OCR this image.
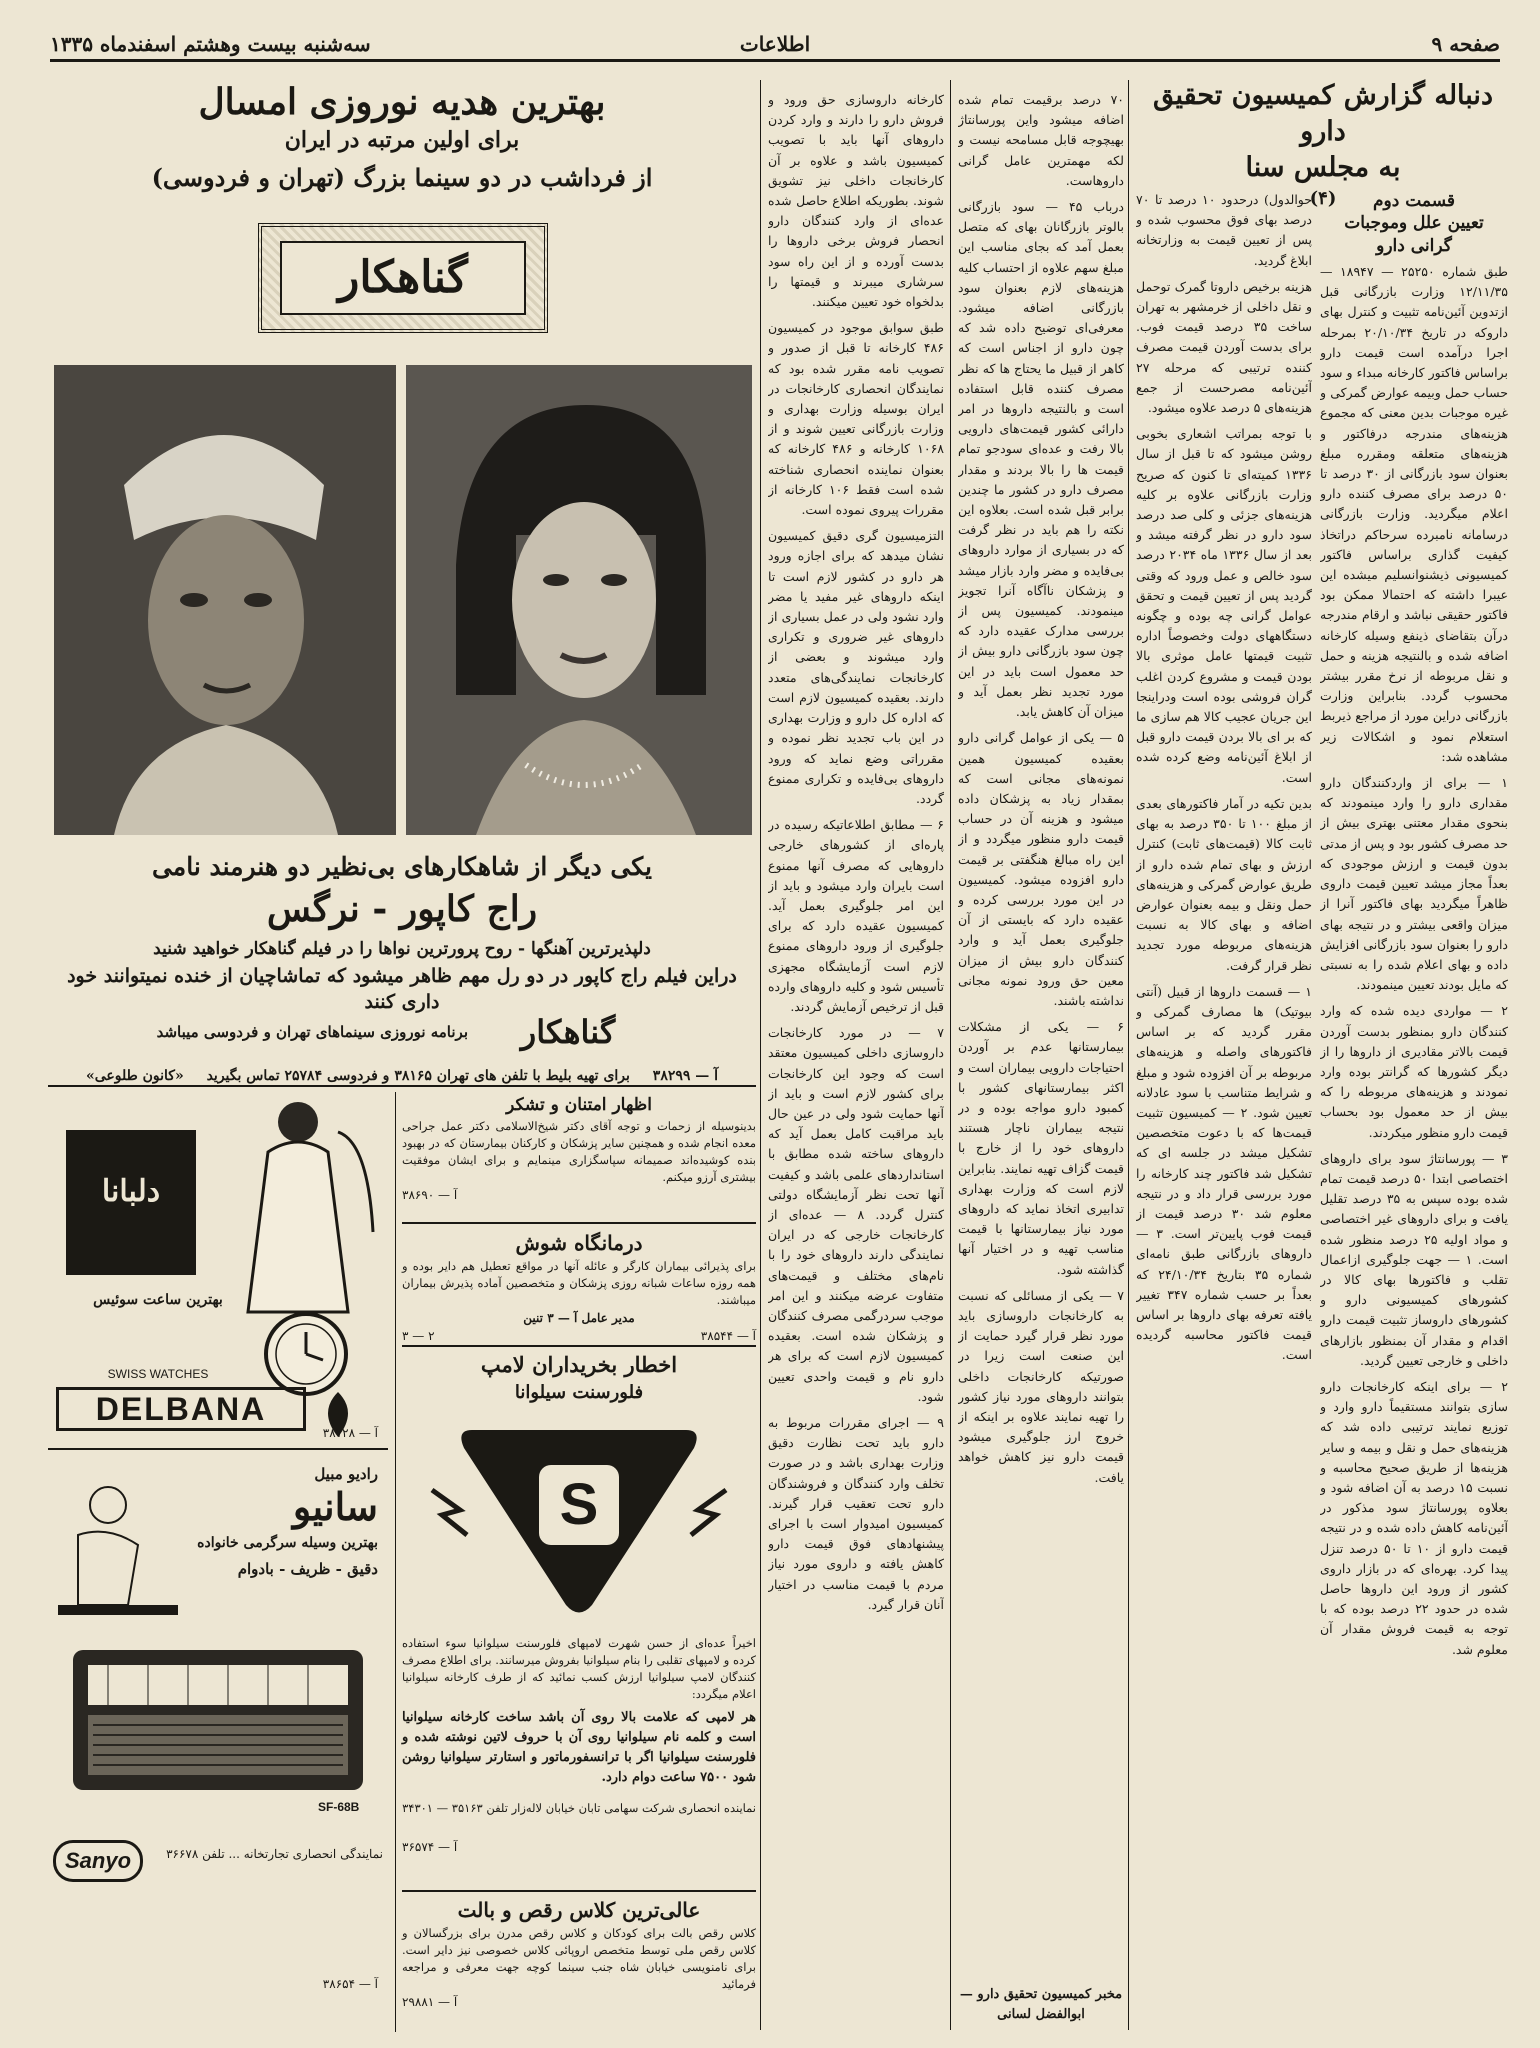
سه‌شنبه بیست وهشتم اسفندماه ۱۳۳۵	اطلاعات	صفحه ۹
دنباله گزارش کمیسیون تحقیق دارو
به مجلس سنا
(۴)	قسمت دوم
تعیین علل وموجبات
گرانی دارو

طبق شماره ۲۵۲۵۰ — ۱۸۹۴۷ — ۱۲/۱۱/۳۵ وزارت بازرگانی قبل ازتدوین آئین‌نامه تثبیت و کنترل بهای داروکه در تاریخ ۲۰/۱۰/۳۴ بمرحله اجرا درآمده است قیمت دارو براساس فاکتور کارخانه مبداء و سود حساب حمل وبیمه عوارض گمرکی و غیره موجبات بدین معنی که مجموع هزینه‌های مندرجه درفاکتور و هزینه‌های متعلقه ومقرره مبلغ بعنوان سود بازرگانی از ۳۰ درصد تا ۵۰ درصد برای مصرف کننده دارو اعلام میگردید. وزارت بازرگانی درسامانه نامبرده سرحاکم دراتخاذ کیفیت گذاری براساس فاکتور کمیسیونی ذیشنوانسلیم میشده این عیبرا داشته که احتمالا ممکن بود فاکتور حقیقی نباشد و ارقام مندرجه درآن بتقاضای ذینفع وسیله کارخانه اضافه شده و بالنتیجه هزینه و حمل و نقل مربوطه از نرخ مقرر بیشتر محسوب گردد. بنابراین وزارت بازرگانی دراین مورد از مراجع ذیربط استعلام نمود و اشکالات زیر مشاهده شد:

۱ — برای از واردکنندگان دارو مقداری دارو را وارد مینمودند که بنحوی مقدار معتنی بهتری بیش از حد مصرف کشور بود و پس از مدتی بدون قیمت و ارزش موجودی که بعداً مجاز میشد تعیین قیمت داروی ظاهراً میگردید بهای فاکتور آنرا از میزان واقعی بیشتر و در نتیجه بهای دارو را بعنوان سود بازرگانی افزایش داده و بهای اعلام شده را به نسبتی که مایل بودند تعیین مینمودند.

۲ — مواردی دیده شده که وارد کنندگان دارو بمنظور بدست آوردن قیمت بالاتر مقادیری از داروها را از دیگر کشورها که گرانتر بوده وارد نمودند و هزینه‌های مربوطه را که بیش از حد معمول بود بحساب قیمت دارو منظور میکردند.

۳ — پورسانتاژ سود برای داروهای اختصاصی ابتدا ۵۰ درصد قیمت تمام شده بوده سپس به ۳۵ درصد تقلیل یافت و برای داروهای غیر اختصاصی و مواد اولیه ۲۵ درصد منظور شده است. ۱ — جهت جلوگیری ازاعمال تقلب و فاکتورها بهای کالا در کشورهای کمیسیونی دارو و کشورهای داروساز تثبیت قیمت دارو اقدام و مقدار آن بمنظور بازارهای داخلی و خارجی تعیین گردید.

۲ — برای اینکه کارخانجات دارو سازی بتوانند مستقیماً دارو وارد و توزیع نمایند ترتیبی داده شد که هزینه‌های حمل و نقل و بیمه و سایر هزینه‌ها از طریق صحیح محاسبه و نسبت ۱۵ درصد به آن اضافه شود و بعلاوه پورسانتاژ سود مذکور در آئین‌نامه کاهش داده شده و در نتیجه قیمت دارو از ۱۰ تا ۵۰ درصد تنزل پیدا کرد. بهره‌ای که در بازار داروی کشور از ورود این داروها حاصل شده در حدود ۲۲ درصد بوده که با توجه به قیمت فروش مقدار آن معلوم شد.

حوالدول) درحدود ۱۰ درصد تا ۷۰ درصد بهای فوق محسوب شده و پس از تعیین قیمت به وزارتخانه ابلاغ گردید.

هزینه برخیص داروتا گمرک توحمل و نقل داخلی از خرمشهر به تهران ساخت ۳۵ درصد قیمت فوب. برای بدست آوردن قیمت مصرف کننده ترتیبی که مرحله ۲۷ آئین‌نامه مصرحست از جمع هزینه‌های ۵ درصد علاوه میشود.

با توجه بمراتب اشعاری بخوبی روشن میشود که تا قبل از سال ۱۳۳۶ کمیته‌ای تا کنون که صریح وزارت بازرگانی علاوه بر کلیه هزینه‌های جزئی و کلی صد درصد سود دارو در نظر گرفته میشد و بعد از سال ۱۳۳۶ ماه ۲۰۳۴ درصد سود خالص و عمل ورود که وقتی گردید پس از تعیین قیمت و تحقق عوامل گرانی چه بوده و چگونه دستگاههای دولت وخصوصاً اداره تثبیت قیمتها عامل موثری بالا بودن قیمت و مشروع کردن اغلب گران فروشی بوده است ودراینجا این جریان عجیب کالا هم سازی ما که بر ای بالا بردن قیمت دارو قبل از ابلاغ آئین‌نامه وضع کرده شده است.

بدین تکیه در آمار فاکتورهای بعدی از مبلغ ۱۰۰ تا ۳۵۰ درصد به بهای ثابت کالا (قیمت‌های ثابت) کنترل ارزش و بهای تمام شده دارو از طریق عوارض گمرکی و هزینه‌های حمل ونقل و بیمه بعنوان عوارض اضافه و بهای کالا به نسبت هزینه‌های مربوطه مورد تجدید نظر قرار گرفت.

۱ — قسمت داروها از قبیل (آنتی بیوتیک) ها مصارف گمرکی و مقرر گردید که بر اساس فاکتورهای واصله و هزینه‌های مربوطه بر آن افزوده شود و مبلغ و شرایط متناسب با سود عادلانه تعیین شود. ۲ — کمیسیون تثبیت قیمت‌ها که با دعوت متخصصین تشکیل میشد در جلسه ای که تشکیل شد فاکتور چند کارخانه را مورد بررسی قرار داد و در نتیجه معلوم شد ۳۰ درصد قیمت از قیمت فوب پایین‌تر است. ۳ — داروهای بازرگانی طبق نامه‌ای شماره ۳۵ بتاریخ ۲۴/۱۰/۳۴ که بعداً بر حسب شماره ۳۴۷ تغییر یافته تعرفه بهای داروها بر اساس قیمت فاکتور محاسبه گردیده است.

۷۰ درصد برقیمت تمام شده اضافه میشود واین پورسانتاژ بهیچوجه قابل مسامحه نیست و لکه مهمترین عامل گرانی داروهاست.

درباب ۴۵ — سود بازرگانی بالوتر بازرگانان بهای که متصل بعمل آمد که بجای مناسب این مبلغ سهم علاوه از احتساب کلیه هزینه‌های لازم بعنوان سود بازرگانی اضافه میشود. معرفی‌ای توضیح داده شد که چون دارو از اجناس است که کاهر از قبیل ما یحتاج ها که نظر مصرف کننده قابل استفاده است و بالنتیجه داروها در امر دارائی کشور قیمت‌های دارویی بالا رفت و عده‌ای سودجو تمام قیمت ها را بالا بردند و مقدار مصرف دارو در کشور ما چندین برابر قبل شده است. بعلاوه این نکته را هم باید در نظر گرفت که در بسیاری از موارد داروهای بی‌فایده و مضر وارد بازار میشد و پزشکان ناآگاه آنرا تجویز مینمودند. کمیسیون پس از بررسی مدارک عقیده دارد که چون سود بازرگانی دارو بیش از حد معمول است باید در این مورد تجدید نظر بعمل آید و میزان آن کاهش یابد.

۵ — یکی از عوامل گرانی دارو بعقیده کمیسیون همین نمونه‌های مجانی است که بمقدار زیاد به پزشکان داده میشود و هزینه آن در حساب قیمت دارو منظور میگردد و از این راه مبالغ هنگفتی بر قیمت دارو افزوده میشود. کمیسیون در این مورد بررسی کرده و عقیده دارد که بایستی از آن جلوگیری بعمل آید و وارد کنندگان دارو بیش از میزان معین حق ورود نمونه مجانی نداشته باشند.

۶ — یکی از مشکلات بیمارستانها عدم بر آوردن احتیاجات دارویی بیماران است و اکثر بیمارستانهای کشور با کمبود دارو مواجه بوده و در نتیجه بیماران ناچار هستند داروهای خود را از خارج با قیمت گزاف تهیه نمایند. بنابراین لازم است که وزارت بهداری تدابیری اتخاذ نماید که داروهای مورد نیاز بیمارستانها با قیمت مناسب تهیه و در اختیار آنها گذاشته شود.

۷ — یکی از مسائلی که نسبت به کارخانجات داروسازی باید مورد نظر قرار گیرد حمایت از این صنعت است زیرا در صورتیکه کارخانجات داخلی بتوانند داروهای مورد نیاز کشور را تهیه نمایند علاوه بر اینکه از خروج ارز جلوگیری میشود قیمت دارو نیز کاهش خواهد یافت.

مخبر کمیسیون تحقیق دارو — ابوالفضل لسانی

کارخانه داروسازی حق ورود و فروش دارو را دارند و وارد کردن داروهای آنها باید با تصویب کمیسیون باشد و علاوه بر آن کارخانجات داخلی نیز تشویق شوند. بطوریکه اطلاع حاصل شده عده‌ای از وارد کنندگان دارو انحصار فروش برخی داروها را بدست آورده و از این راه سود سرشاری میبرند و قیمتها را بدلخواه خود تعیین میکنند.

طبق سوابق موجود در کمیسیون ۴۸۶ کارخانه تا قبل از صدور و تصویب نامه مقرر شده بود که نمایندگان انحصاری کارخانجات در ایران بوسیله وزارت بهداری و وزارت بازرگانی تعیین شوند و از ۱۰۶۸ کارخانه و ۴۸۶ کارخانه که بعنوان نماینده انحصاری شناخته شده است فقط ۱۰۶ کارخانه از مقررات پیروی نموده است.

التزمیسیون گری دقیق کمیسیون نشان میدهد که برای اجازه ورود هر دارو در کشور لازم است تا اینکه داروهای غیر مفید یا مضر وارد نشود ولی در عمل بسیاری از داروهای غیر ضروری و تکراری وارد میشوند و بعضی از کارخانجات نمایندگی‌های متعدد دارند. بعقیده کمیسیون لازم است که اداره کل دارو و وزارت بهداری در این باب تجدید نظر نموده و مقرراتی وضع نماید که ورود داروهای بی‌فایده و تکراری ممنوع گردد.

۶ — مطابق اطلاعاتیکه رسیده در پاره‌ای از کشورهای خارجی داروهایی که مصرف آنها ممنوع است بایران وارد میشود و باید از این امر جلوگیری بعمل آید. کمیسیون عقیده دارد که برای جلوگیری از ورود داروهای ممنوع لازم است آزمایشگاه مجهزی تأسیس شود و کلیه داروهای وارده قبل از ترخیص آزمایش گردند.

۷ — در مورد کارخانجات داروسازی داخلی کمیسیون معتقد است که وجود این کارخانجات برای کشور لازم است و باید از آنها حمایت شود ولی در عین حال باید مراقبت کامل بعمل آید که داروهای ساخته شده مطابق با استانداردهای علمی باشد و کیفیت آنها تحت نظر آزمایشگاه دولتی کنترل گردد. ۸ — عده‌ای از کارخانجات خارجی که در ایران نمایندگی دارند داروهای خود را با نام‌های مختلف و قیمت‌های متفاوت عرضه میکنند و این امر موجب سردرگمی مصرف کنندگان و پزشکان شده است. بعقیده کمیسیون لازم است که برای هر دارو نام و قیمت واحدی تعیین شود.

۹ — اجرای مقررات مربوط به دارو باید تحت نظارت دقیق وزارت بهداری باشد و در صورت تخلف وارد کنندگان و فروشندگان دارو تحت تعقیب قرار گیرند. کمیسیون امیدوار است با اجرای پیشنهادهای فوق قیمت دارو کاهش یافته و داروی مورد نیاز مردم با قیمت مناسب در اختیار آنان قرار گیرد.

بهترین هدیه نوروزی امسال
برای اولین مرتبه در ایران
از فرداشب در دو سینما بزرگ (تهران و فردوسی)
گناهکار
یکی دیگر از شاهکارهای بی‌نظیر دو هنرمند نامی
راج کاپور - نرگس
دلپذیرترین آهنگها - روح پرورترین نواها را در فیلم گناهکار خواهید شنید
دراین فیلم راج کاپور در دو رل مهم ظاهر میشود که تماشاچیان از خنده نمیتوانند خود داری کنند
گناهکار
برنامه نوروزی سینماهای تهران و فردوسی میباشد
آ — ۳۸۲۹۹ برای تهیه بلیط با تلفن های تهران ۳۸۱۶۵ و فردوسی ۲۵۷۸۴ تماس بگیرید «کانون طلوعی»
دلبانا
بهترین ساعت سوئیس
SWISS WATCHES
DELBANA
آ — ۳۸۷۲۸
رادیو مبیل
سانیو
بهترین وسیله سرگرمی خانواده
دقیق - ظریف - بادوام
SF-68B
Sanyo	نمایندگی انحصاری تجارتخانه ... تلفن ۳۶۶۷۸
آ — ۳۸۶۵۴
اظهار امتنان و تشکر
بدینوسیله از زحمات و توجه آقای دکتر شیخ‌الاسلامی دکتر عمل جراحی معده انجام شده و همچنین سایر پزشکان و کارکنان بیمارستان که در بهبود بنده کوشیده‌اند صمیمانه سپاسگزاری مینمایم و برای ایشان موفقیت بیشتری آرزو میکنم.
آ — ۳۸۶۹۰
درمانگاه شوش
برای پذیرائی بیماران کارگر و عائله آنها در مواقع تعطیل هم دایر بوده و همه روزه ساعات شبانه روزی پزشکان و متخصصین آماده پذیرش بیماران میباشند.
مدیر عامل آ — ۳ تنین
آ — ۳۸۵۴۴
۲ — ۳
اخطار بخریداران لامپ
فلورسنت سیلوانا
S
اخیراً عده‌ای از حسن شهرت لامپهای فلورسنت سیلوانیا سوء استفاده کرده و لامپهای تقلبی را بنام سیلوانیا بفروش میرسانند. برای اطلاع مصرف کنندگان لامپ سیلوانیا ارزش کسب نمائید که از طرف کارخانه سیلوانیا اعلام میگردد:
هر لامپی که علامت بالا روی آن باشد ساخت کارخانه سیلوانیا است و کلمه نام سیلوانیا روی آن با حروف لاتین نوشته شده و فلورسنت سیلوانیا اگر با ترانسفورماتور و استارتر سیلوانیا روشن شود ۷۵۰۰ ساعت دوام دارد.
نماینده انحصاری شرکت سهامی تابان خیابان لاله‌زار تلفن ۳۵۱۶۳ — ۳۴۳۰۱
آ — ۳۶۵۷۴
عالی‌ترین کلاس رقص و بالت
کلاس رقص بالت برای کودکان و کلاس رقص مدرن برای بزرگسالان و کلاس رقص ملی توسط متخصص اروپائی کلاس خصوصی نیز دایر است. برای نامنویسی خیابان شاه جنب سینما کوچه جهت معرفی و مراجعه فرمائید
آ — ۲۹۸۸۱
